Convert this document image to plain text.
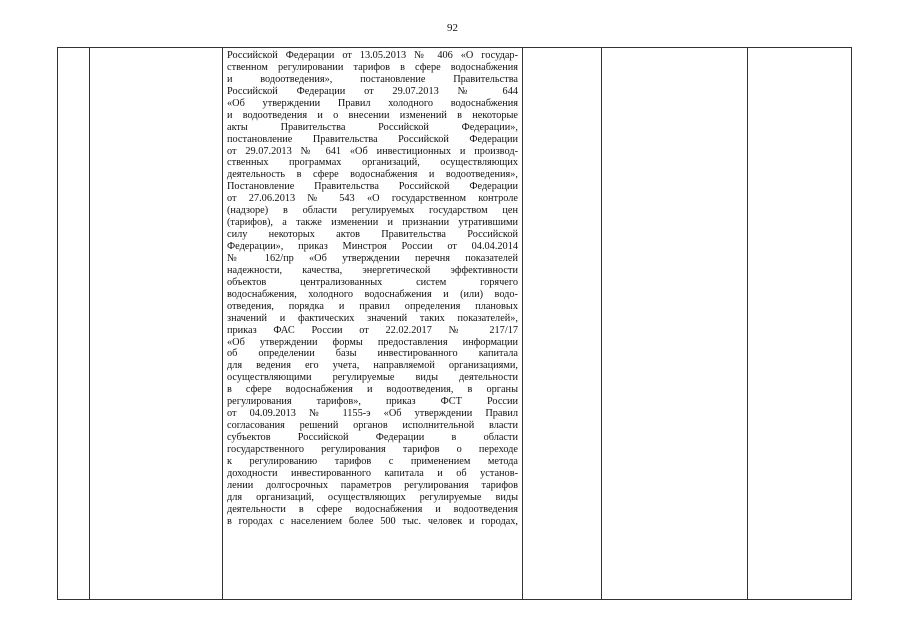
92

Российской Федерации от 13.05.2013 № 406 «О государ-
ственном регулировании тарифов в сфере водоснабжения
и водоотведения», постановление Правительства
Российской Федерации от 29.07.2013 № 644
«Об утверждении Правил холодного водоснабжения
и водоотведения и о внесении изменений в некоторые
акты Правительства Российской Федерации»,
постановление Правительства Российской Федерации
от 29.07.2013 № 641 «Об инвестиционных и производ-
ственных программах организаций, осуществляющих
деятельность в сфере водоснабжения и водоотведения»,
Постановление Правительства Российской Федерации
от 27.06.2013 № 543 «О государственном контроле
(надзоре) в области регулируемых государством цен
(тарифов), а также изменении и признании утратившими
силу некоторых актов Правительства Российской
Федерации», приказ Минстроя России от 04.04.2014
№ 162/пр «Об утверждении перечня показателей
надежности, качества, энергетической эффективности
объектов централизованных систем горячего
водоснабжения, холодного водоснабжения и (или) водо-
отведения, порядка и правил определения плановых
значений и фактических значений таких показателей»,
приказ ФАС России от 22.02.2017 № 217/17
«Об утверждении формы предоставления информации
об определении базы инвестированного капитала
для ведения его учета, направляемой организациями,
осуществляющими регулируемые виды деятельности
в сфере водоснабжения и водоотведения, в органы
регулирования тарифов», приказ ФСТ России
от 04.09.2013 № 1155-э «Об утверждении Правил
согласования решений органов исполнительной власти
субъектов Российской Федерации в области
государственного регулирования тарифов о переходе
к регулированию тарифов с применением метода
доходности инвестированного капитала и об установ-
лении долгосрочных параметров регулирования тарифов
для организаций, осуществляющих регулируемые виды
деятельности в сфере водоснабжения и водоотведения
в городах с населением более 500 тыс. человек и городах,
